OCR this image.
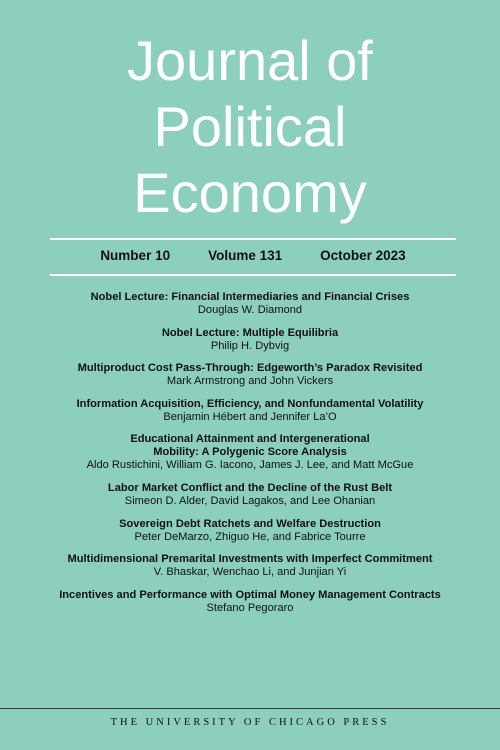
Journal of
Political
Economy
Number 10	Volume 131	October 2023
Nobel Lecture: Financial Intermediaries and Financial Crises
Douglas W. Diamond
Nobel Lecture: Multiple Equilibria
Philip H. Dybvig
Multiproduct Cost Pass-Through: Edgeworth’s Paradox Revisited
Mark Armstrong and John Vickers
Information Acquisition, Efficiency, and Nonfundamental Volatility
Benjamin Hébert and Jennifer La’O
Educational Attainment and Intergenerational
Mobility: A Polygenic Score Analysis
Aldo Rustichini, William G. Iacono, James J. Lee, and Matt McGue
Labor Market Conflict and the Decline of the Rust Belt
Simeon D. Alder, David Lagakos, and Lee Ohanian
Sovereign Debt Ratchets and Welfare Destruction
Peter DeMarzo, Zhiguo He, and Fabrice Tourre
Multidimensional Premarital Investments with Imperfect Commitment
V. Bhaskar, Wenchao Li, and Junjian Yi
Incentives and Performance with Optimal Money Management Contracts
Stefano Pegoraro
THE UNIVERSITY OF CHICAGO PRESS
